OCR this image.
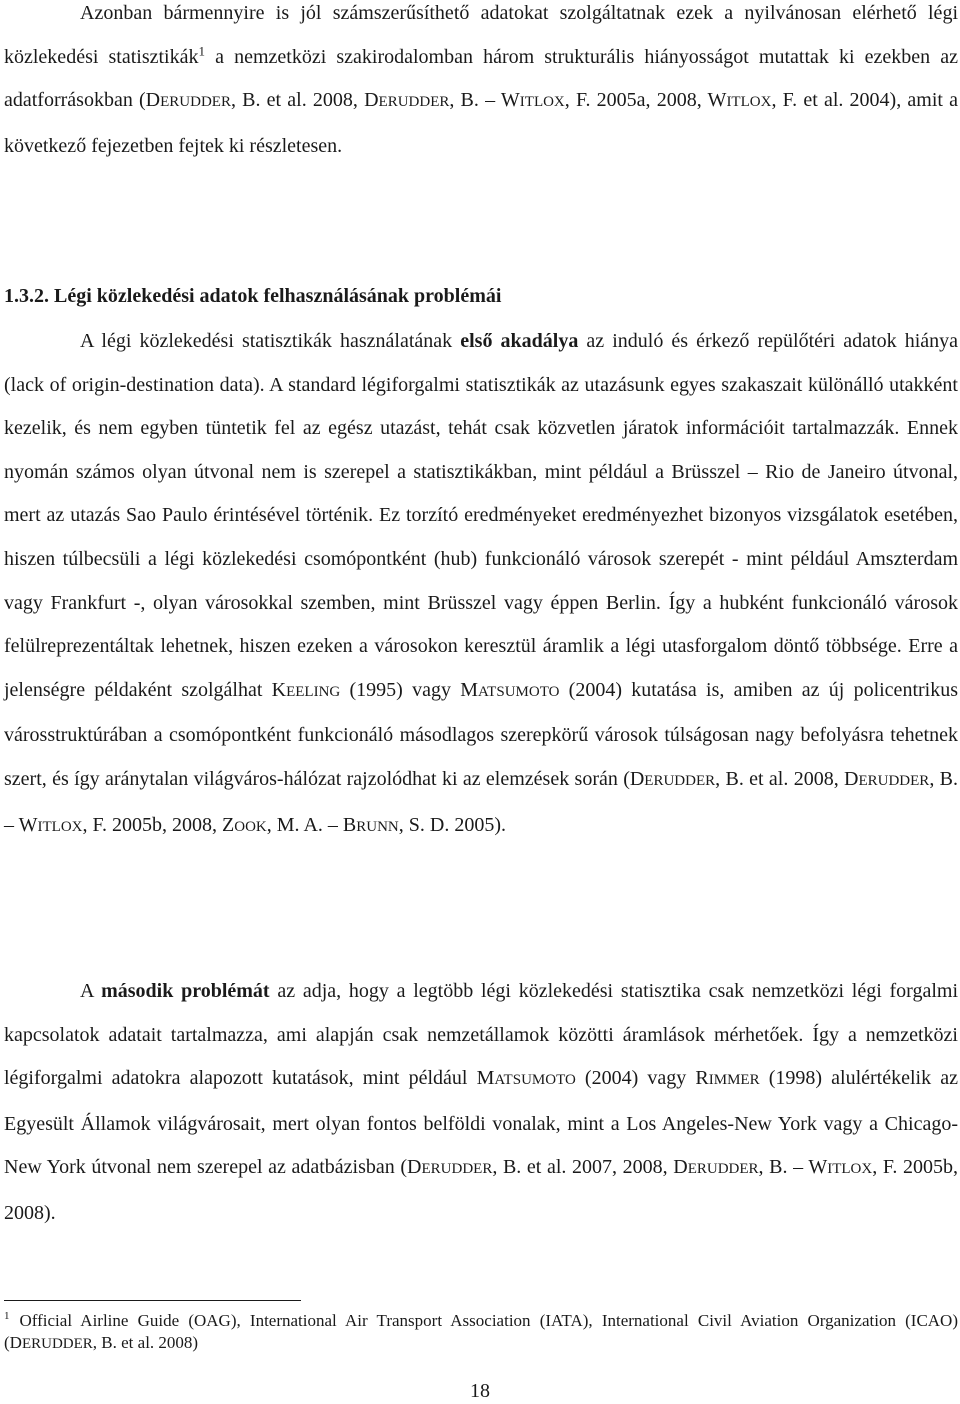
Azonban bármennyire is jól számszerűsíthető adatokat szolgáltatnak ezek a nyilvánosan elérhető légi közlekedési statisztikák$^1$ a nemzetközi szakirodalomban három strukturális hiányosságot mutattak ki ezekben az adatforrásokban (DERUDDER, B. et al. 2008, DERUDDER, B. – WITLOX, F. 2005a, 2008, WITLOX, F. et al. 2004), amit a következő fejezetben fejtek ki részletesen.

1.3.2. Légi közlekedési adatok felhasználásának problémái

A légi közlekedési statisztikák használatának első akadálya az induló és érkező repülőtéri adatok hiánya (lack of origin-destination data). A standard légiforgalmi statisztikák az utazásunk egyes szakaszait különálló utakként kezelik, és nem egyben tüntetik fel az egész utazást, tehát csak közvetlen járatok információit tartalmazzák. Ennek nyomán számos olyan útvonal nem is szerepel a statisztikákban, mint például a Brüsszel – Rio de Janeiro útvonal, mert az utazás Sao Paulo érintésével történik. Ez torzító eredményeket eredményezhet bizonyos vizsgálatok esetében, hiszen túlbecsüli a légi közlekedési csomópontként (hub) funkcionáló városok szerepét - mint például Amszterdam vagy Frankfurt -, olyan városokkal szemben, mint Brüsszel vagy éppen Berlin. Így a hubként funkcionáló városok felülreprezentáltak lehetnek, hiszen ezeken a városokon keresztül áramlik a légi utasforgalom döntő többsége. Erre a jelenségre példaként szolgálhat KEELING (1995) vagy MATSUMOTO (2004) kutatása is, amiben az új policentrikus városstruktúrában a csomópontként funkcionáló másodlagos szerepkörű városok túlságosan nagy befolyásra tehetnek szert, és így aránytalan világváros-hálózat rajzolódhat ki az elemzések során (DERUDDER, B. et al. 2008, DERUDDER, B. – WITLOX, F. 2005b, 2008, ZOOK, M. A. – BRUNN, S. D. 2005).

A második problémát az adja, hogy a legtöbb légi közlekedési statisztika csak nemzetközi légi forgalmi kapcsolatok adatait tartalmazza, ami alapján csak nemzetállamok közötti áramlások mérhetőek. Így a nemzetközi légiforgalmi adatokra alapozott kutatások, mint például MATSUMOTO (2004) vagy RIMMER (1998) alulértékelik az Egyesült Államok világvárosait, mert olyan fontos belföldi vonalak, mint a Los Angeles-New York vagy a Chicago-New York útvonal nem szerepel az adatbázisban (DERUDDER, B. et al. 2007, 2008, DERUDDER, B. – WITLOX, F. 2005b, 2008).

$^1$ Official Airline Guide (OAG), International Air Transport Association (IATA), International Civil Aviation Organization (ICAO) (DERUDDER, B. et al. 2008)

18
